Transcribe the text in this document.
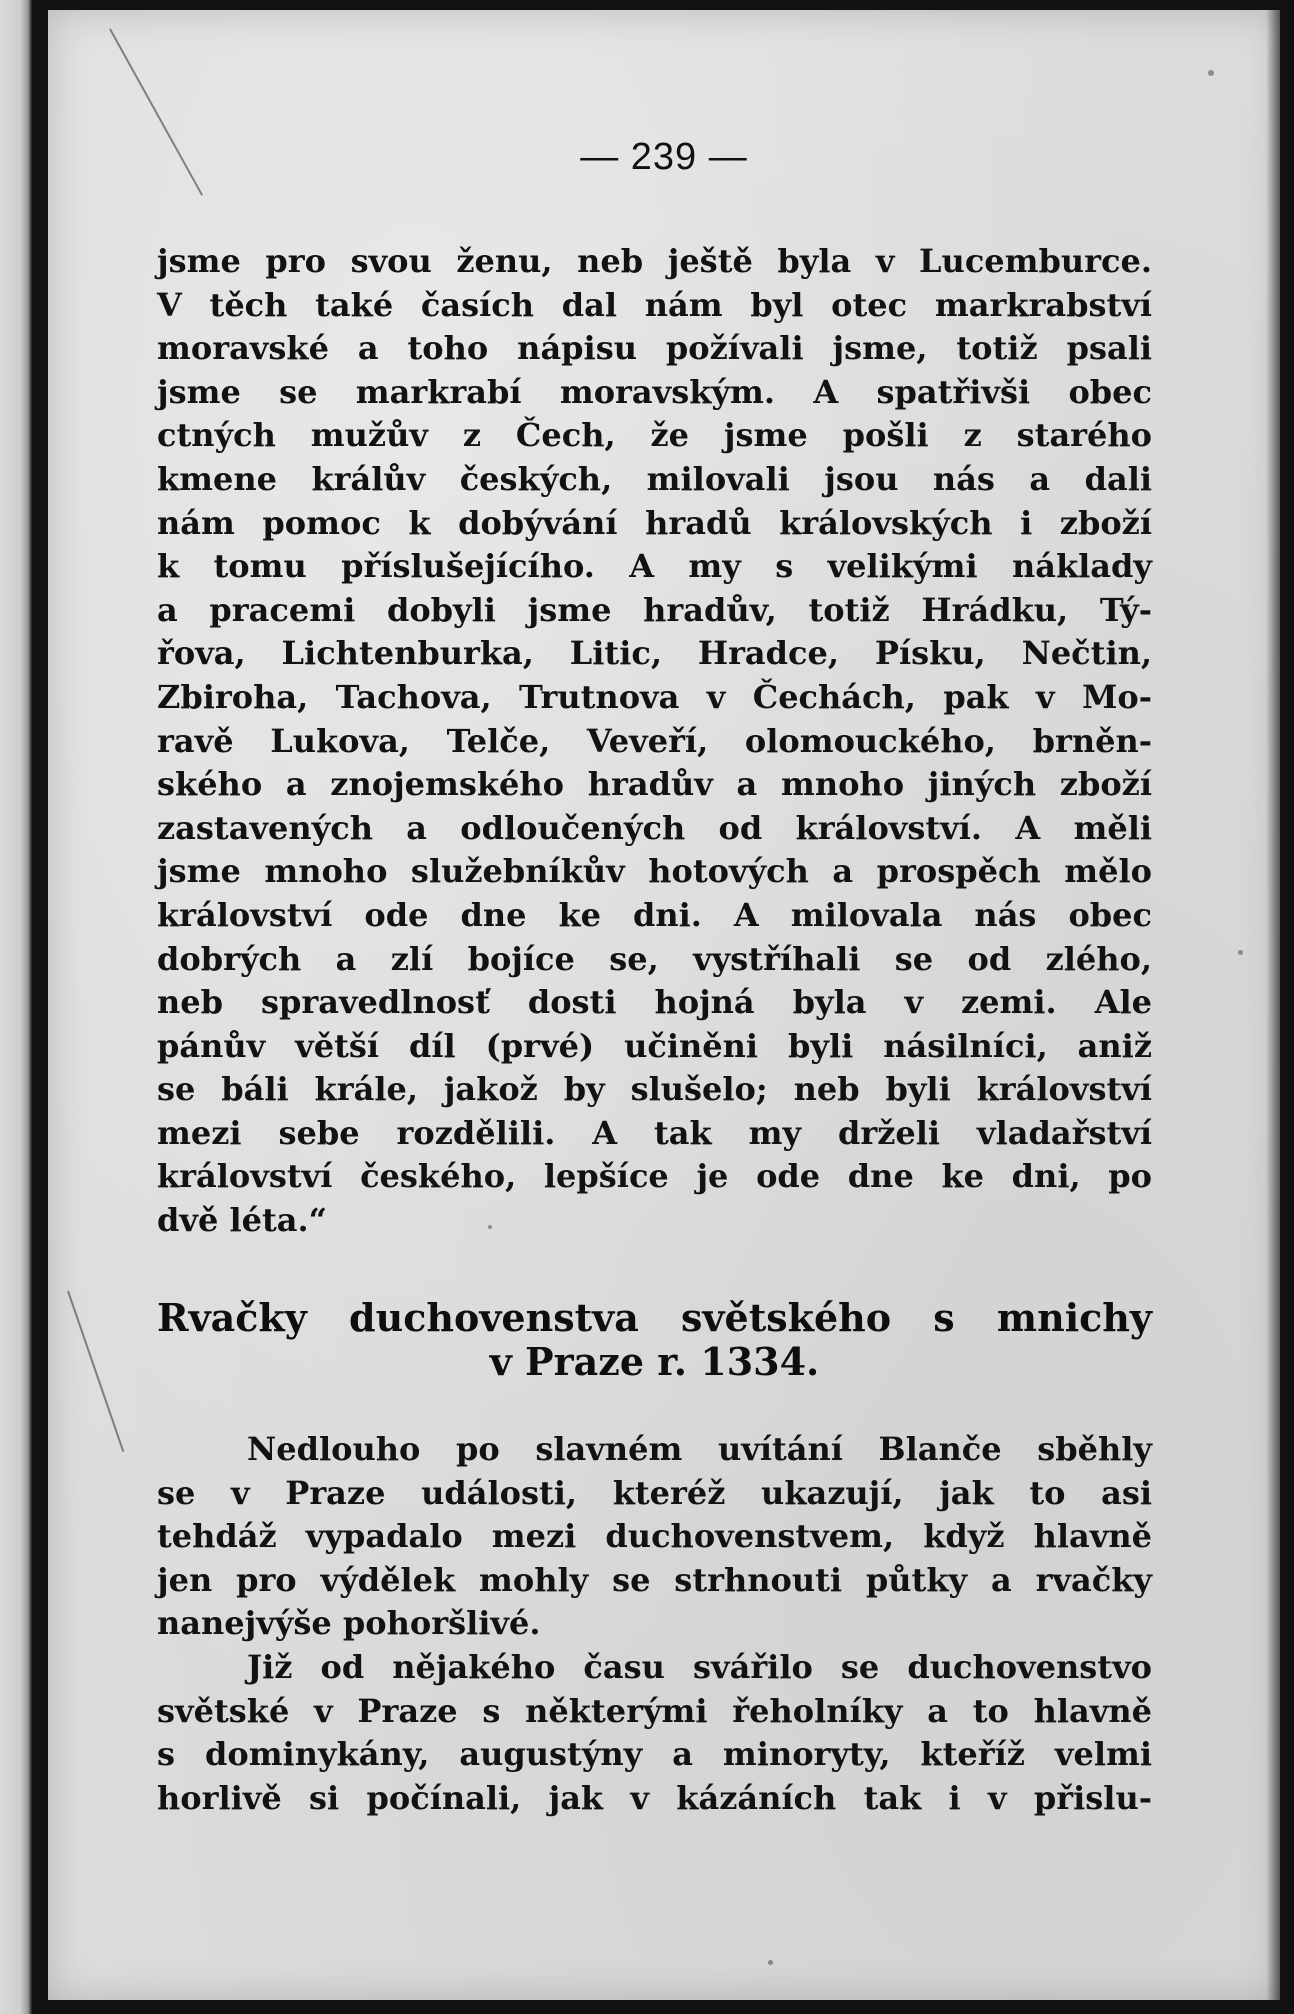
— 239 —
jsme pro svou ženu, neb ještě byla v Lucemburce.
V těch také časích dal nám byl otec markrabství
moravské a toho nápisu požívali jsme, totiž psali
jsme se markrabí moravským. A spatřivši obec
ctných mužův z Čech, že jsme pošli z starého
kmene králův českých, milovali jsou nás a dali
nám pomoc k dobývání hradů královských i zboží
k tomu příslušejícího. A my s velikými náklady
a pracemi dobyli jsme hradův, totiž Hrádku, Tý-
řova, Lichtenburka, Litic, Hradce, Písku, Nečtin,
Zbiroha, Tachova, Trutnova v Čechách, pak v Mo-
ravě Lukova, Telče, Veveří, olomouckého, brněn-
ského a znojemského hradův a mnoho jiných zboží
zastavených a odloučených od království. A měli
jsme mnoho služebníkův hotových a prospěch mělo
království ode dne ke dni. A milovala nás obec
dobrých a zlí bojíce se, vystříhali se od zlého,
neb spravedlnosť dosti hojná byla v zemi. Ale
pánův větší díl (prvé) učiněni byli násilníci, aniž
se báli krále, jakož by slušelo; neb byli království
mezi sebe rozdělili. A tak my drželi vladařství
království českého, lepšíce je ode dne ke dni, po
dvě léta.“
Rvačky duchovenstva světského s mnichy
v Praze r. 1334.
Nedlouho po slavném uvítání Blanče sběhly
se v Praze události, kteréž ukazují, jak to asi
tehdáž vypadalo mezi duchovenstvem, když hlavně
jen pro výdělek mohly se strhnouti půtky a rvačky
nanejvýše pohoršlivé.
Již od nějakého času svářilo se duchovenstvo
světské v Praze s některými řeholníky a to hlavně
s dominykány, augustýny a minoryty, kteříž velmi
horlivě si počínali, jak v kázáních tak i v přislu-
